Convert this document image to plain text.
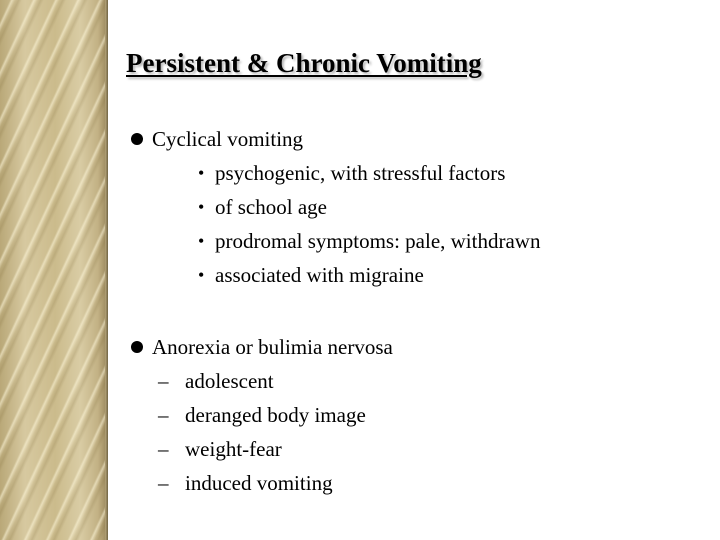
Persistent & Chronic Vomiting
Cyclical vomiting
• psychogenic, with stressful factors
• of school age
• prodromal symptoms: pale, withdrawn
• associated with migraine
Anorexia or bulimia nervosa
– adolescent
– deranged body image
– weight-fear
– induced vomiting
